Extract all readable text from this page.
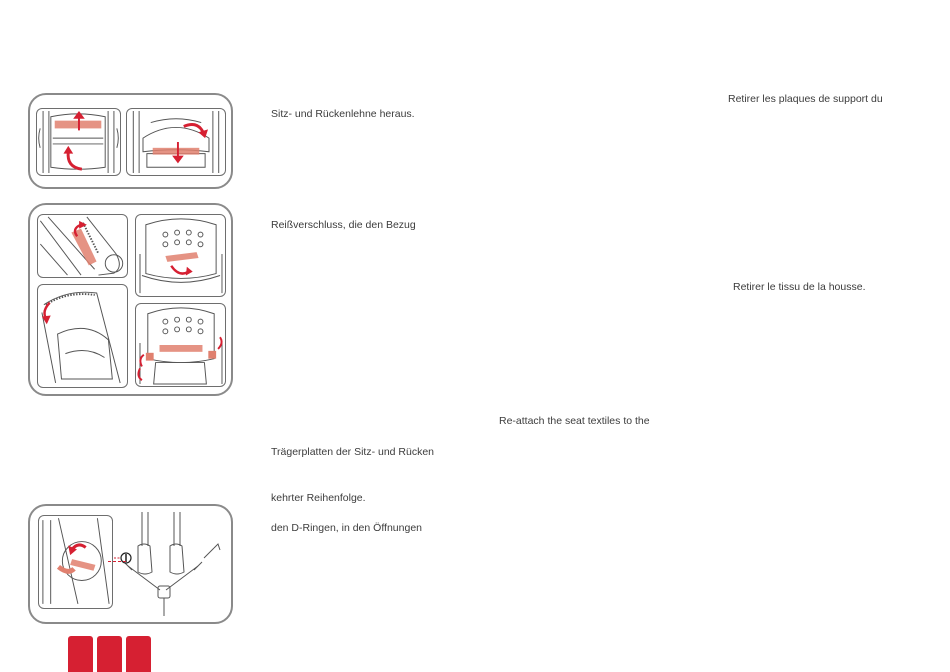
Sitz- und Rückenlehne heraus.
Reißverschluss, die den Bezug
Trägerplatten der Sitz- und Rücken
kehrter Reihenfolge.
den D-Ringen, in den Öffnungen
Retirer les plaques de support du
Retirer le tissu de la housse.
Re-attach the seat textiles to the
